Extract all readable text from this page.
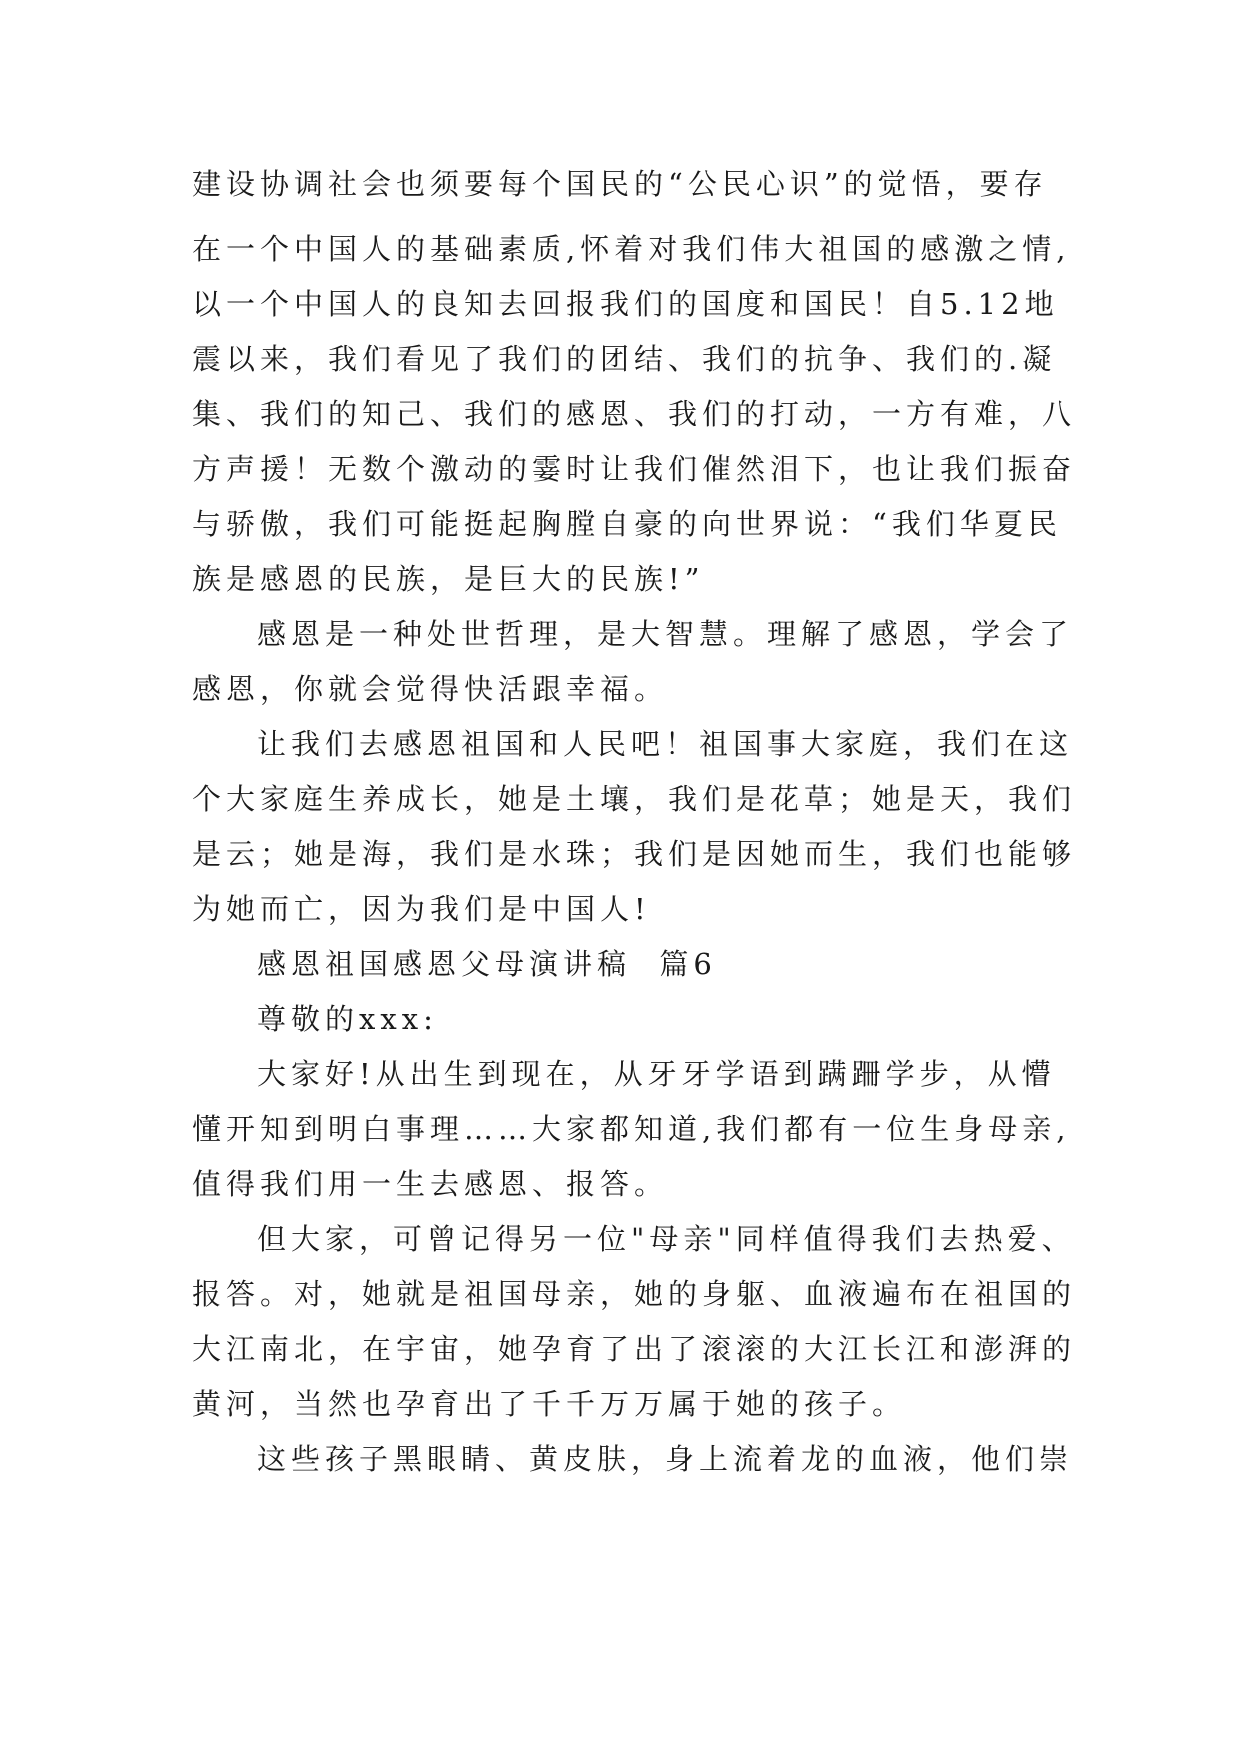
建设协调社会也须要每个国民的“公民心识”的觉悟，要存
在一个中国人的基础素质,怀着对我们伟大祖国的感激之情,
以一个中国人的良知去回报我们的国度和国民！自5.12地
震以来，我们看见了我们的团结、我们的抗争、我们的.凝
集、我们的知己、我们的感恩、我们的打动，一方有难，八
方声援！无数个激动的霎时让我们催然泪下，也让我们振奋
与骄傲，我们可能挺起胸膛自豪的向世界说：“我们华夏民
族是感恩的民族，是巨大的民族!”
感恩是一种处世哲理，是大智慧。理解了感恩，学会了
感恩，你就会觉得快活跟幸福。
让我们去感恩祖国和人民吧！祖国事大家庭，我们在这
个大家庭生养成长，她是土壤，我们是花草；她是天，我们
是云；她是海，我们是水珠；我们是因她而生，我们也能够
为她而亡，因为我们是中国人!
感恩祖国感恩父母演讲稿  篇6
尊敬的xxx:
大家好!从出生到现在，从牙牙学语到蹒跚学步，从懵
懂开知到明白事理……大家都知道,我们都有一位生身母亲,
值得我们用一生去感恩、报答。
但大家，可曾记得另一位"母亲"同样值得我们去热爱、
报答。对，她就是祖国母亲，她的身躯、血液遍布在祖国的
大江南北，在宇宙，她孕育了出了滚滚的大江长江和澎湃的
黄河，当然也孕育出了千千万万属于她的孩子。
这些孩子黑眼睛、黄皮肤，身上流着龙的血液，他们崇
